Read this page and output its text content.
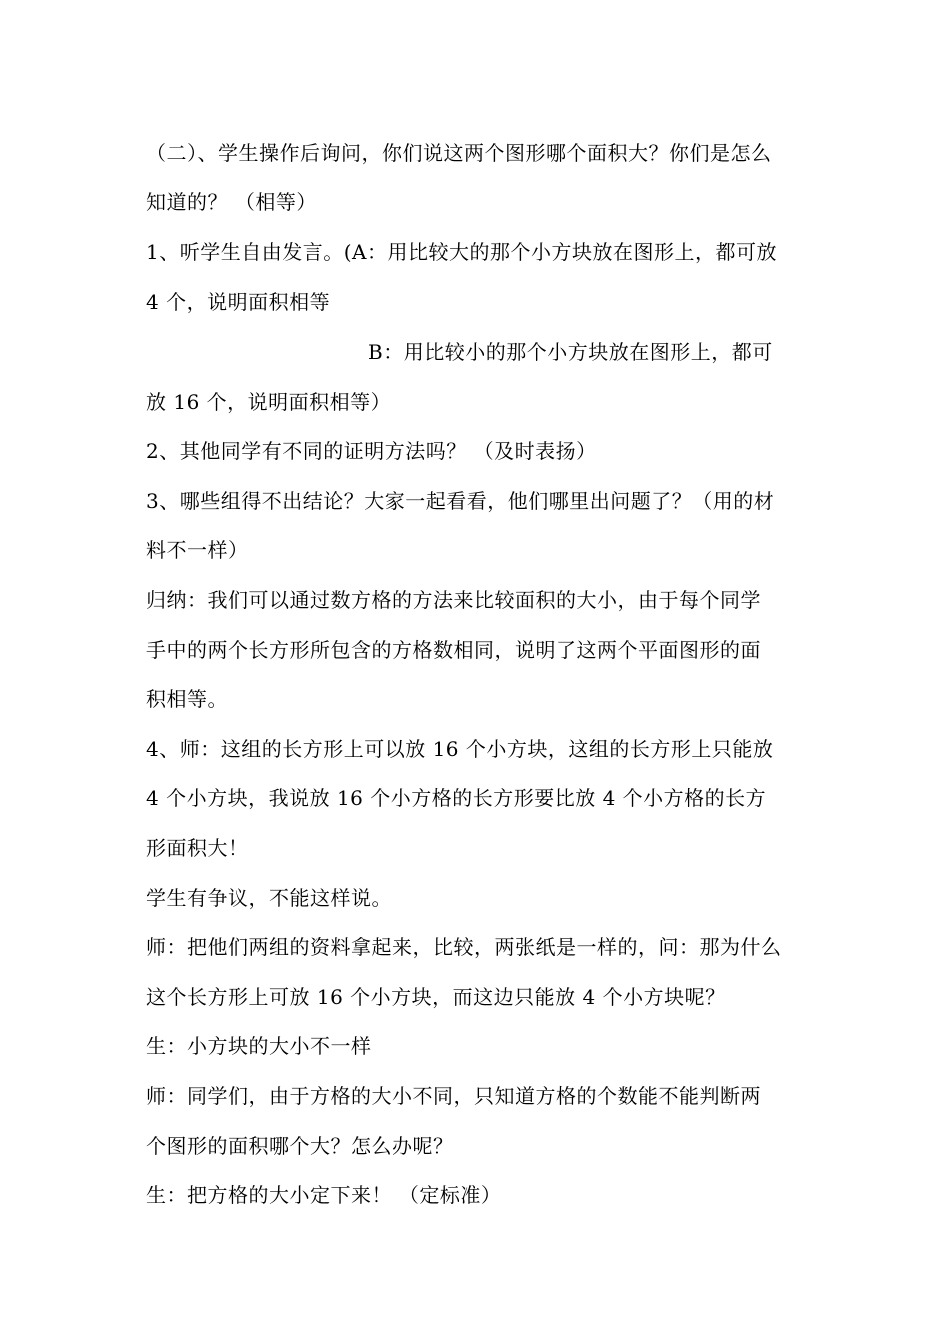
（二）、学生操作后询问，你们说这两个图形哪个面积大？你们是怎么
知道的？ （相等）
1、听学生自由发言。(A：用比较大的那个小方块放在图形上，都可放
4 个，说明面积相等
B：用比较小的那个小方块放在图形上，都可
放 16 个，说明面积相等）
2、其他同学有不同的证明方法吗？ （及时表扬）
3、哪些组得不出结论？大家一起看看，他们哪里出问题了？（用的材
料不一样）
归纳：我们可以通过数方格的方法来比较面积的大小，由于每个同学
手中的两个长方形所包含的方格数相同，说明了这两个平面图形的面
积相等。
4、师：这组的长方形上可以放 16 个小方块，这组的长方形上只能放
4 个小方块，我说放 16 个小方格的长方形要比放 4 个小方格的长方
形面积大！
学生有争议，不能这样说。
师：把他们两组的资料拿起来，比较，两张纸是一样的，问：那为什么
这个长方形上可放 16 个小方块，而这边只能放 4 个小方块呢？
生：小方块的大小不一样
师：同学们，由于方格的大小不同，只知道方格的个数能不能判断两
个图形的面积哪个大？怎么办呢？
生：把方格的大小定下来！ （定标准）
